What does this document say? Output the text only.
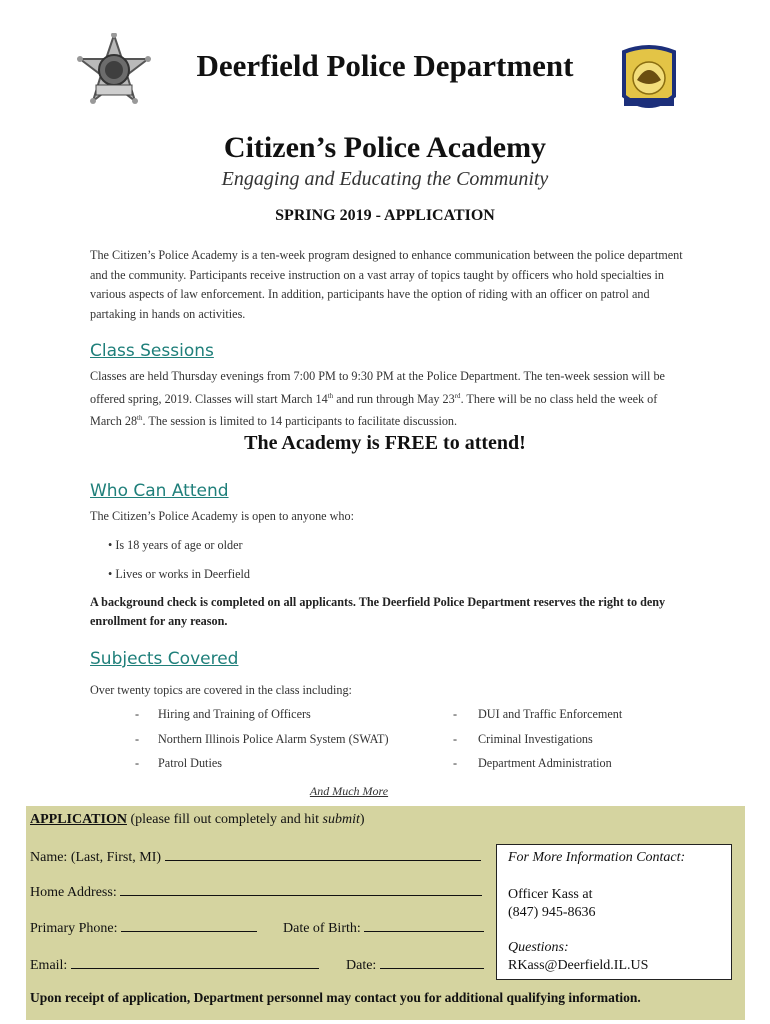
Deerfield Police Department
Citizen’s Police Academy
Engaging and Educating the Community
SPRING 2019 - APPLICATION
The Citizen’s Police Academy is a ten-week program designed to enhance communication between the police department and the community. Participants receive instruction on a vast array of topics taught by officers who hold specialties in various aspects of law enforcement. In addition, participants have the option of riding with an officer on patrol and partaking in hands on activities.
Class Sessions
Classes are held Thursday evenings from 7:00 PM to 9:30 PM at the Police Department. The ten-week session will be offered spring, 2019. Classes will start March 14th and run through May 23rd. There will be no class held the week of March 28th. The session is limited to 14 participants to facilitate discussion.
The Academy is FREE to attend!
Who Can Attend
The Citizen’s Police Academy is open to anyone who:
• Is 18 years of age or older
• Lives or works in Deerfield
A background check is completed on all applicants. The Deerfield Police Department reserves the right to deny enrollment for any reason.
Subjects Covered
Over twenty topics are covered in the class including:
- Hiring and Training of Officers
- Northern Illinois Police Alarm System (SWAT)
- Patrol Duties
- DUI and Traffic Enforcement
- Criminal Investigations
- Department Administration
And Much More
APPLICATION (please fill out completely and hit submit)
Name: (Last, First, MI)
Home Address:
Primary Phone:	Date of Birth:
Email:	Date:
For More Information Contact:
Officer Kass at
(847) 945-8636
Questions:
RKass@Deerfield.IL.US
Upon receipt of application, Department personnel may contact you for additional qualifying information.
